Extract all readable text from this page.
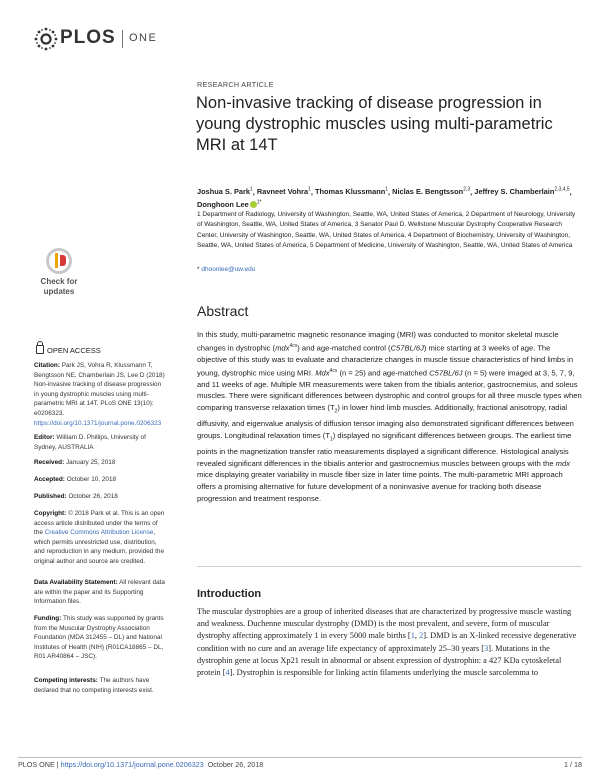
PLOS ONE
Check for
updates
OPEN ACCESS
Citation: Park JS, Vohra R, Klussmann T, Bengtsson NE, Chamberlain JS, Lee D (2018) Non-invasive tracking of disease progression in young dystrophic muscles using multi-parametric MRI at 14T. PLoS ONE 13(10): e0206323. https://doi.org/10.1371/journal.pone.0206323
Editor: William D. Phillips, University of Sydney, AUSTRALIA
Received: January 25, 2018
Accepted: October 10, 2018
Published: October 26, 2018
Copyright: © 2018 Park et al. This is an open access article distributed under the terms of the Creative Commons Attribution License, which permits unrestricted use, distribution, and reproduction in any medium, provided the original author and source are credited.
Data Availability Statement: All relevant data are within the paper and its Supporting Information files.
Funding: This study was supported by grants from the Muscular Dystrophy Association Foundation (MDA 312455 – DL) and National Institutes of Health (NIH) (R01CA18865 – DL, R01 AR40864 – JSC).
Competing interests: The authors have declared that no competing interests exist.
RESEARCH ARTICLE
Non-invasive tracking of disease progression in young dystrophic muscles using multi-parametric MRI at 14T
Joshua S. Park$^1$, Ravneet Vohra$^1$, Thomas Klussmann$^1$, Niclas E. Bengtsson$^{2,3}$, Jeffrey S. Chamberlain$^{2,3,4,5}$, Donghoon Lee $^{1*}$
1 Department of Radiology, University of Washington, Seattle, WA, United States of America, 2 Department of Neurology, University of Washington, Seattle, WA, United States of America, 3 Senator Paul D. Wellstone Muscular Dystrophy Cooperative Research Center, University of Washington, Seattle, WA, United States of America, 4 Department of Biochemistry, University of Washington, Seattle, WA, United States of America, 5 Department of Medicine, University of Washington, Seattle, WA, United States of America
* dhoonlee@uw.edu
Abstract
In this study, multi-parametric magnetic resonance imaging (MRI) was conducted to monitor skeletal muscle changes in dystrophic (mdx$^{4cv}$) and age-matched control (C57BL/6J) mice starting at 3 weeks of age. The objective of this study was to evaluate and characterize changes in muscle tissue characteristics of hind limbs in young, dystrophic mice using MRI. Mdx$^{4cv}$ (n = 25) and age-matched C57BL/6J (n = 5) were imaged at 3, 5, 7, 9, and 11 weeks of age. Multiple MR measurements were taken from the tibialis anterior, gastrocnemius, and soleus muscles. There were significant differences between dystrophic and control groups for all three muscle types when comparing transverse relaxation times $(T_2)$ in lower hind limb muscles. Additionally, fractional anisotropy, radial diffusivity, and eigenvalue analysis of diffusion tensor imaging also demonstrated significant differences between groups. Longitudinal relaxation times $(T_1)$ displayed no significant differences between groups. The earliest time points in the magnetization transfer ratio measurements displayed a significant difference. Histological analysis revealed significant differences in the tibialis anterior and gastrocnemius muscles between groups with the mdx mice displaying greater variability in muscle fiber size in later time points. The multi-parametric MRI approach offers a promising alternative for future development of a noninvasive avenue for tracking both disease progression and treatment response.
Introduction
The muscular dystrophies are a group of inherited diseases that are characterized by progressive muscle wasting and weakness. Duchenne muscular dystrophy (DMD) is the most prevalent, and severe, form of muscular dystrophy affecting approximately 1 in every 5000 male births [1, 2]. DMD is an X-linked recessive degenerative condition with no cure and an average life expectancy of approximately 25–30 years [3]. Mutations in the dystrophin gene at locus Xp21 result in abnormal or absent expression of dystrophin: a 427 KDa cytoskeletal protein [4]. Dystrophin is responsible for linking actin filaments underlying the muscle sarcolemma to
PLOS ONE | https://doi.org/10.1371/journal.pone.0206323 October 26, 2018	1 / 18
